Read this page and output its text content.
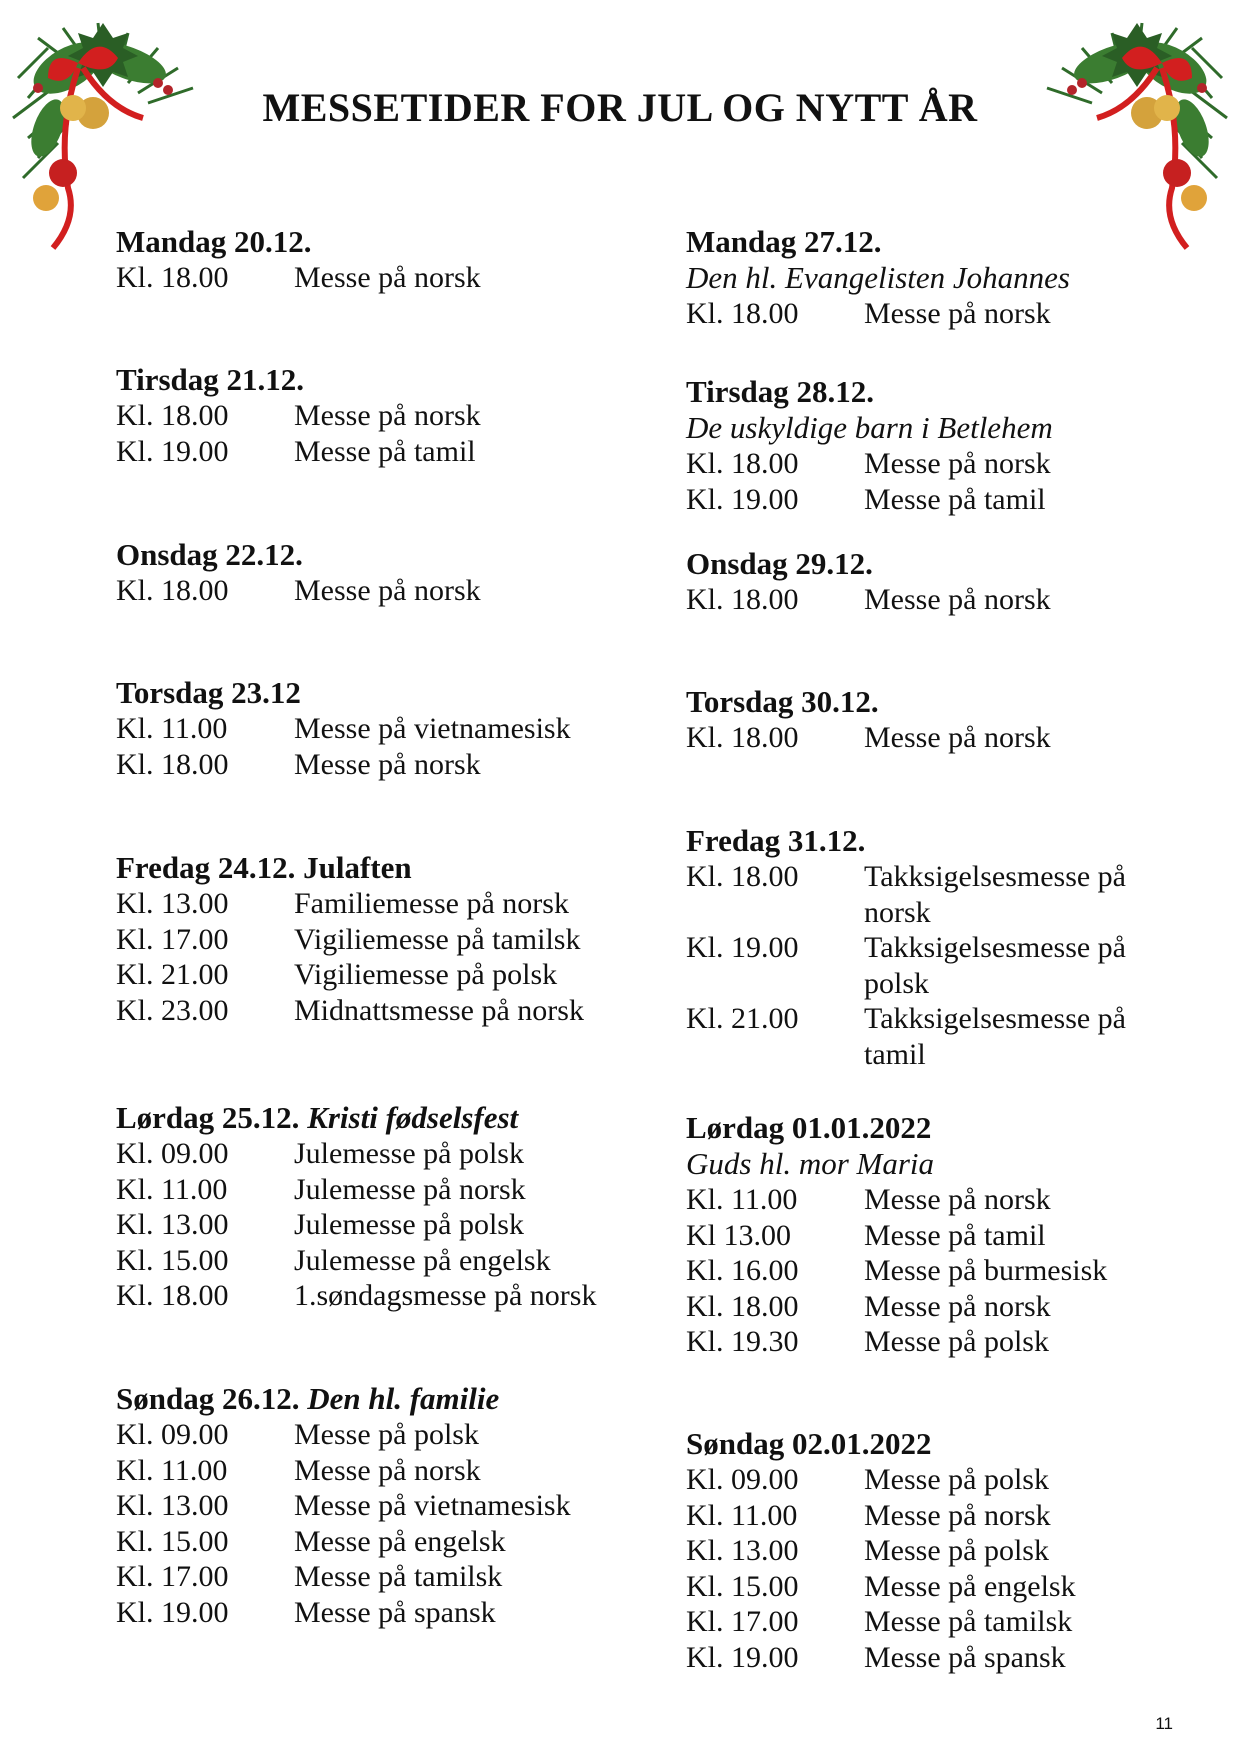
MESSETIDER FOR JUL OG NYTT ÅR
Mandag 20.12.
Kl. 18.00	Messe på norsk
Tirsdag 21.12.
Kl. 18.00	Messe på norsk
Kl. 19.00	Messe på tamil
Onsdag 22.12.
Kl. 18.00	Messe på norsk
Torsdag 23.12
Kl. 11.00	Messe på vietnamesisk
Kl. 18.00	Messe på norsk
Fredag 24.12. Julaften
Kl. 13.00	Familiemesse på norsk
Kl. 17.00	Vigiliemesse på tamilsk
Kl. 21.00	Vigiliemesse på polsk
Kl. 23.00	Midnattsmesse på norsk
Lørdag 25.12. Kristi fødselsfest
Kl. 09.00	Julemesse på polsk
Kl. 11.00	Julemesse på norsk
Kl. 13.00	Julemesse på polsk
Kl. 15.00	Julemesse på engelsk
Kl. 18.00	1.søndagsmesse på norsk
Søndag 26.12. Den hl. familie
Kl. 09.00	Messe på polsk
Kl. 11.00	Messe på norsk
Kl. 13.00	Messe på vietnamesisk
Kl. 15.00	Messe på engelsk
Kl. 17.00	Messe på tamilsk
Kl. 19.00	Messe på spansk
Mandag 27.12.
Den hl. Evangelisten Johannes
Kl. 18.00	Messe på norsk
Tirsdag 28.12.
De uskyldige barn i Betlehem
Kl. 18.00	Messe på norsk
Kl. 19.00	Messe på tamil
Onsdag 29.12.
Kl. 18.00	Messe på norsk
Torsdag 30.12.
Kl. 18.00	Messe på norsk
Fredag 31.12.
Kl. 18.00	Takksigelsesmesse på norsk
Kl. 19.00	Takksigelsesmesse på polsk
Kl. 21.00	Takksigelsesmesse på tamil
Lørdag 01.01.2022
Guds hl. mor Maria
Kl. 11.00	Messe på norsk
Kl 13.00	Messe på tamil
Kl. 16.00	Messe på burmesisk
Kl. 18.00	Messe på norsk
Kl. 19.30	Messe på polsk
Søndag 02.01.2022
Kl. 09.00	Messe på polsk
Kl. 11.00	Messe på norsk
Kl. 13.00	Messe på polsk
Kl. 15.00	Messe på engelsk
Kl. 17.00	Messe på tamilsk
Kl. 19.00	Messe på spansk
11
